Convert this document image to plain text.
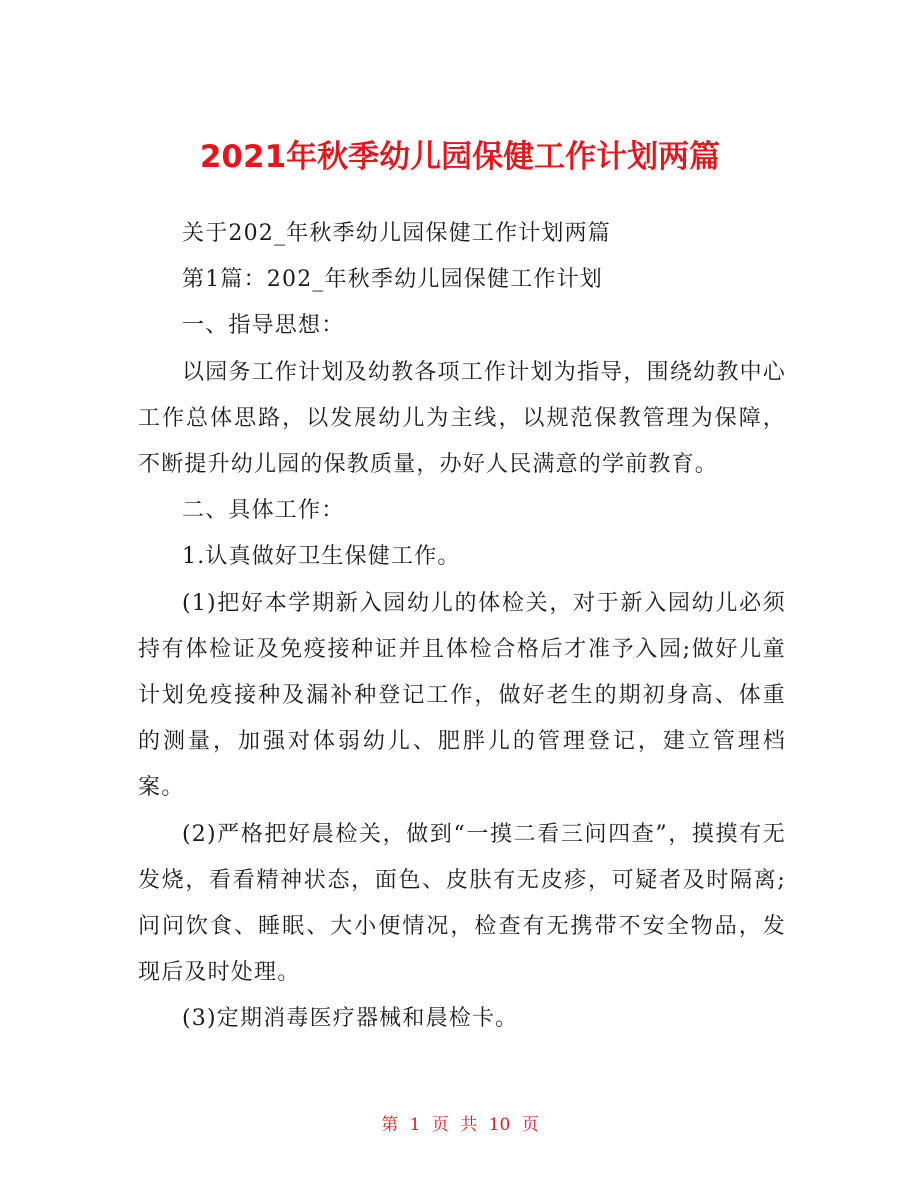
2021年秋季幼儿园保健工作计划两篇

关于202_年秋季幼儿园保健工作计划两篇

第1篇：202_年秋季幼儿园保健工作计划

一、指导思想：

以园务工作计划及幼教各项工作计划为指导，围绕幼教中心工作总体思路，以发展幼儿为主线，以规范保教管理为保障，不断提升幼儿园的保教质量，办好人民满意的学前教育。

二、具体工作：

1.认真做好卫生保健工作。

(1)把好本学期新入园幼儿的体检关，对于新入园幼儿必须持有体检证及免疫接种证并且体检合格后才准予入园;做好儿童计划免疫接种及漏补种登记工作，做好老生的期初身高、体重的测量，加强对体弱幼儿、肥胖儿的管理登记，建立管理档案。

(2)严格把好晨检关，做到“一摸二看三问四查”，摸摸有无发烧，看看精神状态，面色、皮肤有无皮疹，可疑者及时隔离;问问饮食、睡眠、大小便情况，检查有无携带不安全物品，发现后及时处理。

(3)定期消毒医疗器械和晨检卡。

第 1 页 共 10 页
